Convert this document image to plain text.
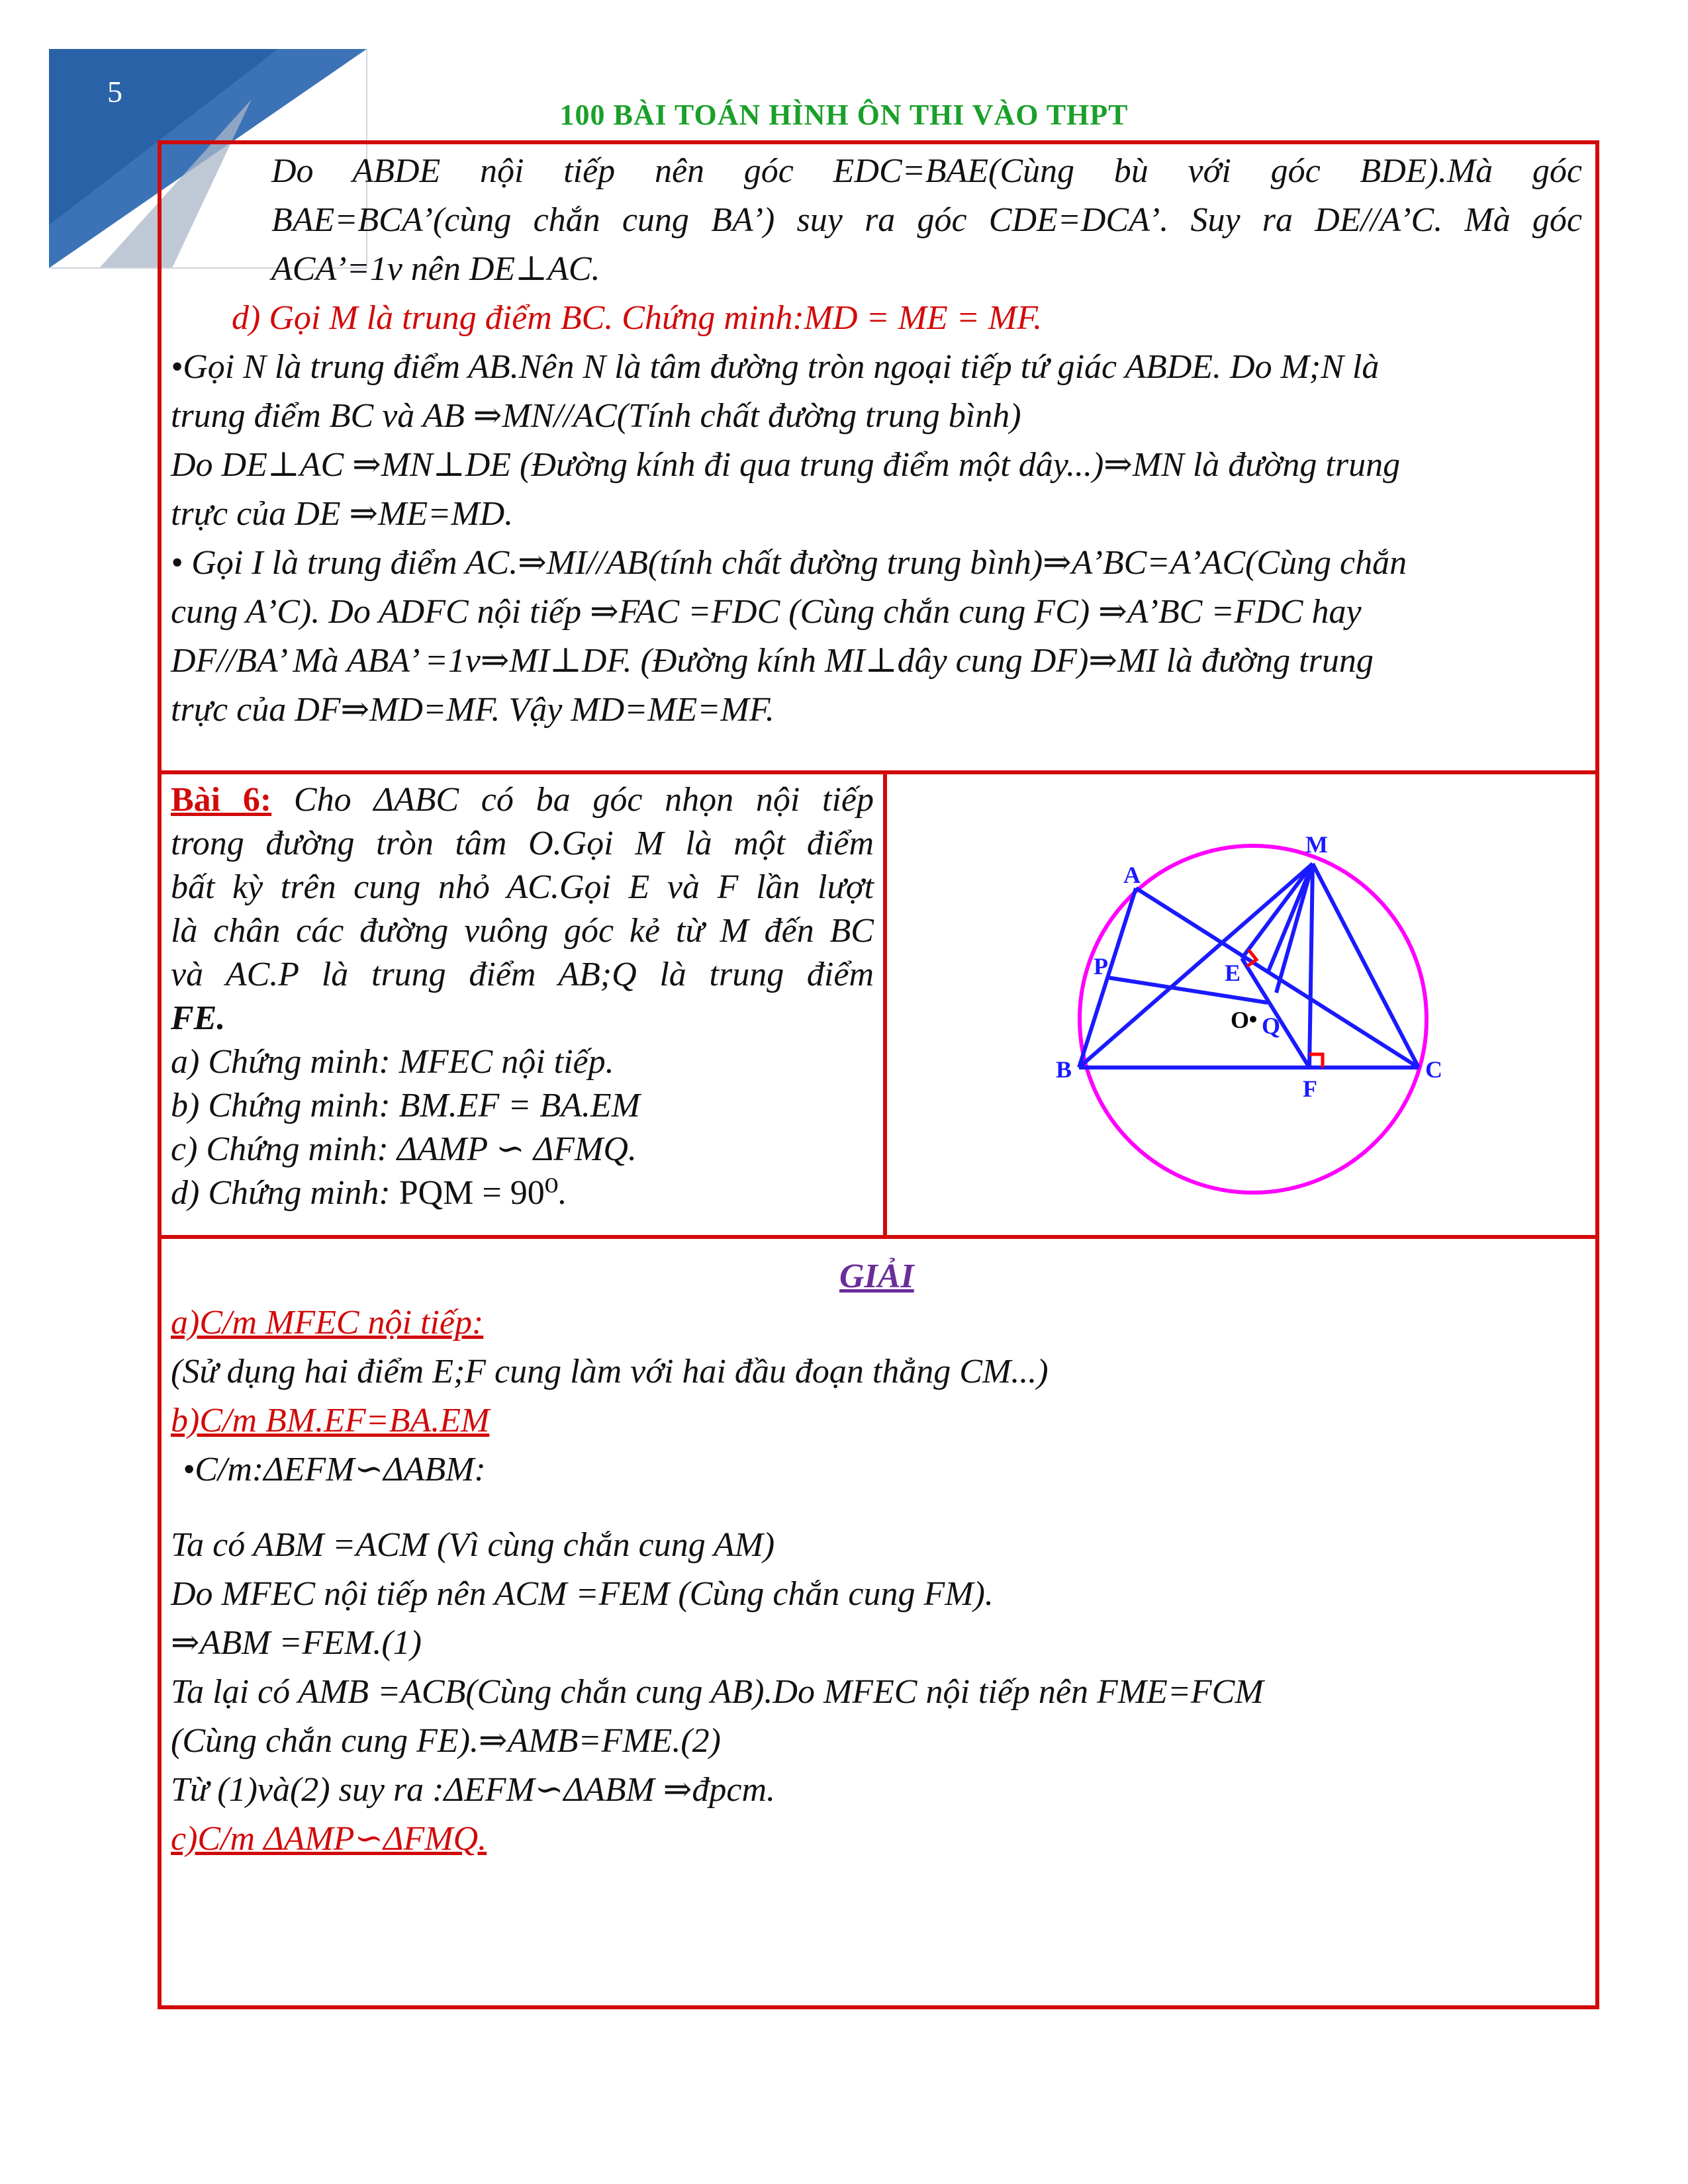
5
100 BÀI TOÁN HÌNH ÔN THI VÀO THPT
Do ABDE nội tiếp nên góc EDC=BAE(Cùng bù với góc BDE).Mà góc
BAE=BCA’(cùng chắn cung BA’) suy ra góc CDE=DCA’. Suy ra DE//A’C. Mà góc
ACA’=1v nên DE⊥AC.
d) Gọi M là trung điểm BC. Chứng minh:MD = ME = MF.
•Gọi N là trung điểm AB.Nên N là tâm đường tròn ngoại tiếp tứ giác ABDE. Do M;N là
trung điểm BC và AB ⇒MN//AC(Tính chất đường trung bình)
Do DE⊥AC ⇒MN⊥DE (Đường kính đi qua trung điểm một dây...)⇒MN là đường trung
trực của DE ⇒ME=MD.
• Gọi I là trung điểm AC.⇒MI//AB(tính chất đường trung bình)⇒A’BC=A’AC(Cùng chắn
cung A’C). Do ADFC nội tiếp ⇒FAC =FDC (Cùng chắn cung FC) ⇒A’BC =FDC hay
DF//BA’ Mà ABA’ =1v⇒MI⊥DF. (Đường kính MI⊥dây cung DF)⇒MI là đường trung
trực của DF⇒MD=MF. Vậy MD=ME=MF.
Bài 6: Cho ΔABC có ba góc nhọn nội tiếp
trong đường tròn tâm O.Gọi M là một điểm
bất kỳ trên cung nhỏ AC.Gọi E và F lần lượt
là chân các đường vuông góc kẻ từ M đến BC
và AC.P là trung điểm AB;Q là trung điểm
FE.
a) Chứng minh: MFEC nội tiếp.
b) Chứng minh: BM.EF = BA.EM
c) Chứng minh: ΔAMP ∽ ΔFMQ.
d) Chứng minh: PQM = 90⁰.
A
B	C
M
E
F
P
Q
O
GIẢI
a)C/m MFEC nội tiếp:
(Sử dụng hai điểm E;F cung làm với hai đầu đoạn thẳng CM...)
b)C/m BM.EF=BA.EM
•C/m:ΔEFM∽ΔABM:
Ta có ABM =ACM (Vì cùng chắn cung AM)
Do MFEC nội tiếp nên ACM =FEM (Cùng chắn cung FM).
⇒ABM =FEM.(1)
Ta lại có AMB =ACB(Cùng chắn cung AB).Do MFEC nội tiếp nên FME=FCM
(Cùng chắn cung FE).⇒AMB=FME.(2)
Từ (1)và(2) suy ra :ΔEFM∽ΔABM ⇒đpcm.
c)C/m ΔAMP∽ΔFMQ.
